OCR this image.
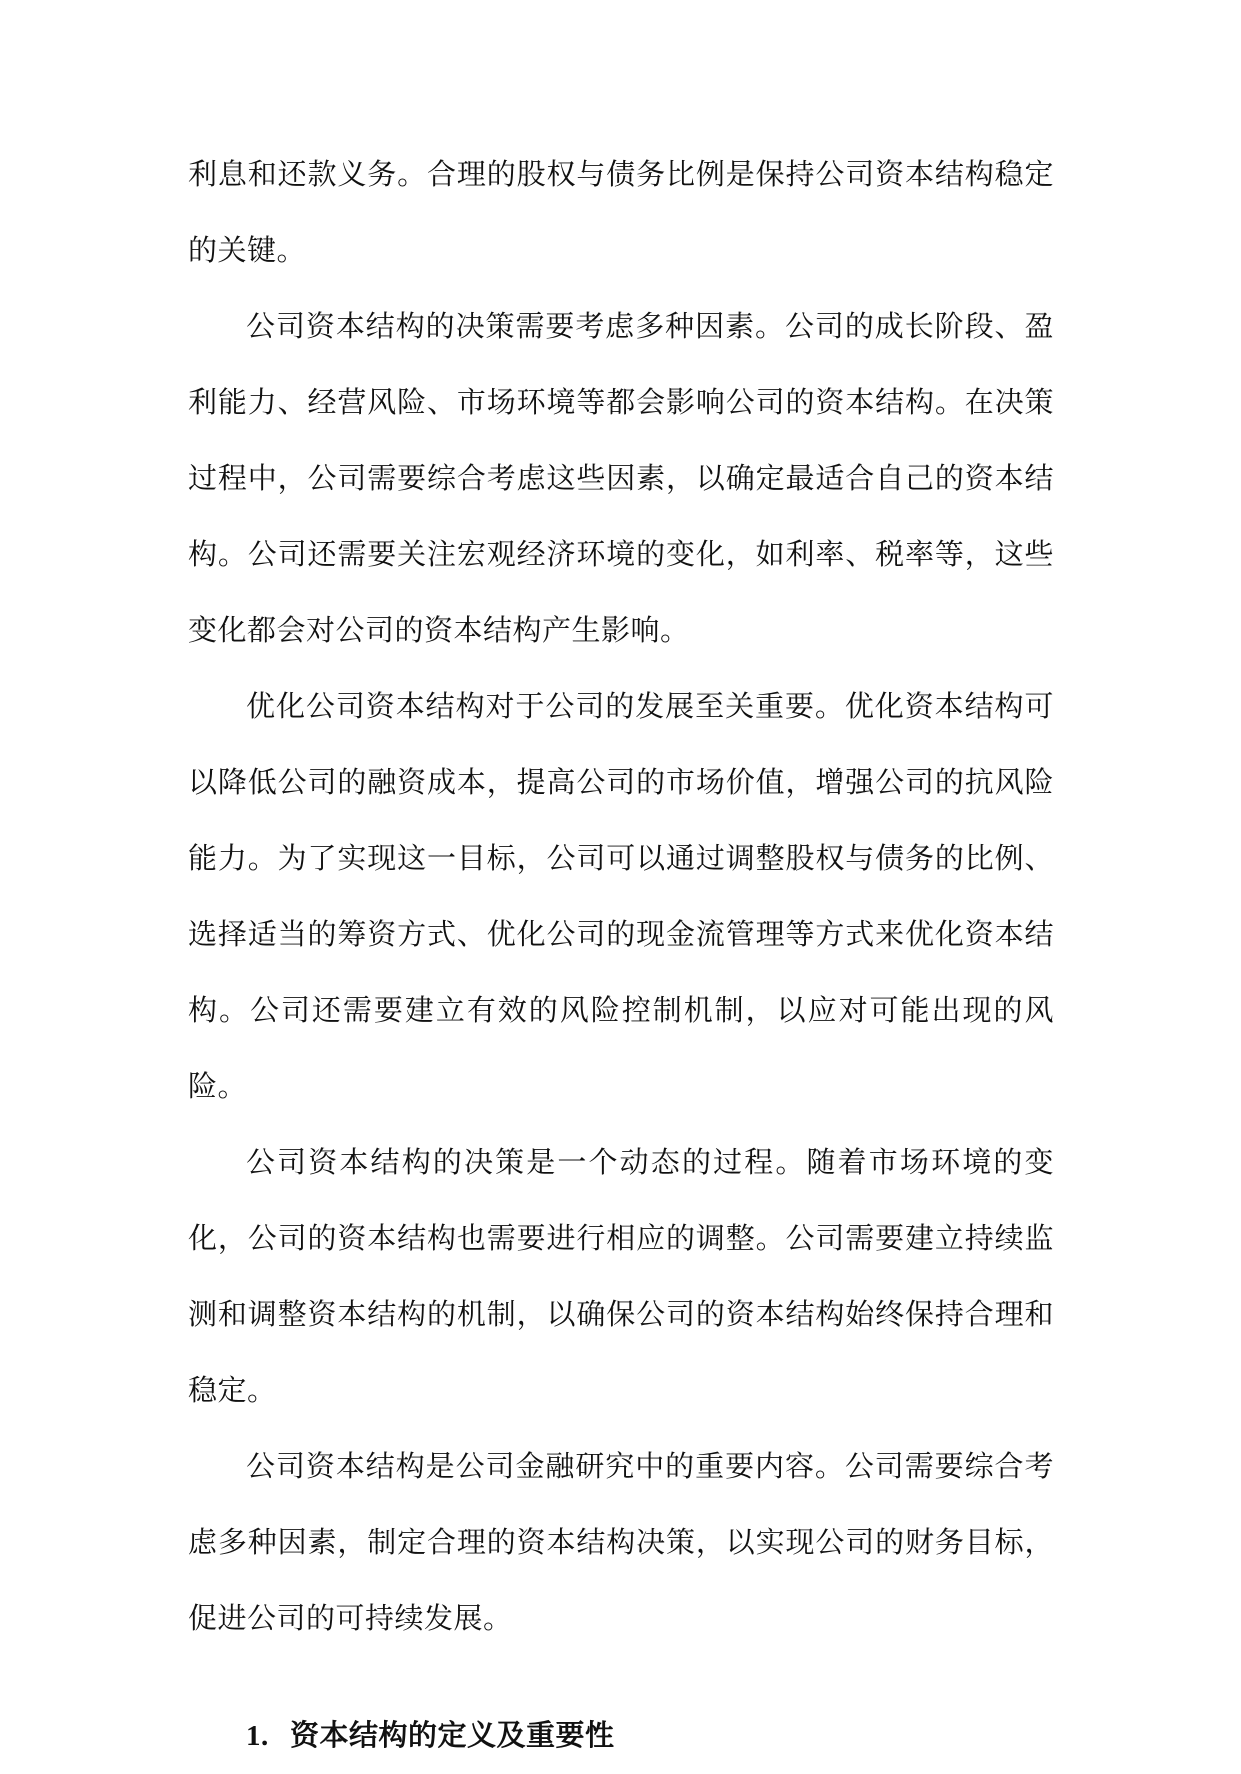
利息和还款义务。合理的股权与债务比例是保持公司资本结构稳定的关键。

公司资本结构的决策需要考虑多种因素。公司的成长阶段、盈利能力、经营风险、市场环境等都会影响公司的资本结构。在决策过程中，公司需要综合考虑这些因素，以确定最适合自己的资本结构。公司还需要关注宏观经济环境的变化，如利率、税率等，这些变化都会对公司的资本结构产生影响。

优化公司资本结构对于公司的发展至关重要。优化资本结构可以降低公司的融资成本，提高公司的市场价值，增强公司的抗风险能力。为了实现这一目标，公司可以通过调整股权与债务的比例、选择适当的筹资方式、优化公司的现金流管理等方式来优化资本结构。公司还需要建立有效的风险控制机制，以应对可能出现的风险。

公司资本结构的决策是一个动态的过程。随着市场环境的变化，公司的资本结构也需要进行相应的调整。公司需要建立持续监测和调整资本结构的机制，以确保公司的资本结构始终保持合理和稳定。

公司资本结构是公司金融研究中的重要内容。公司需要综合考虑多种因素，制定合理的资本结构决策，以实现公司的财务目标，促进公司的可持续发展。

1. 资本结构的定义及重要性
